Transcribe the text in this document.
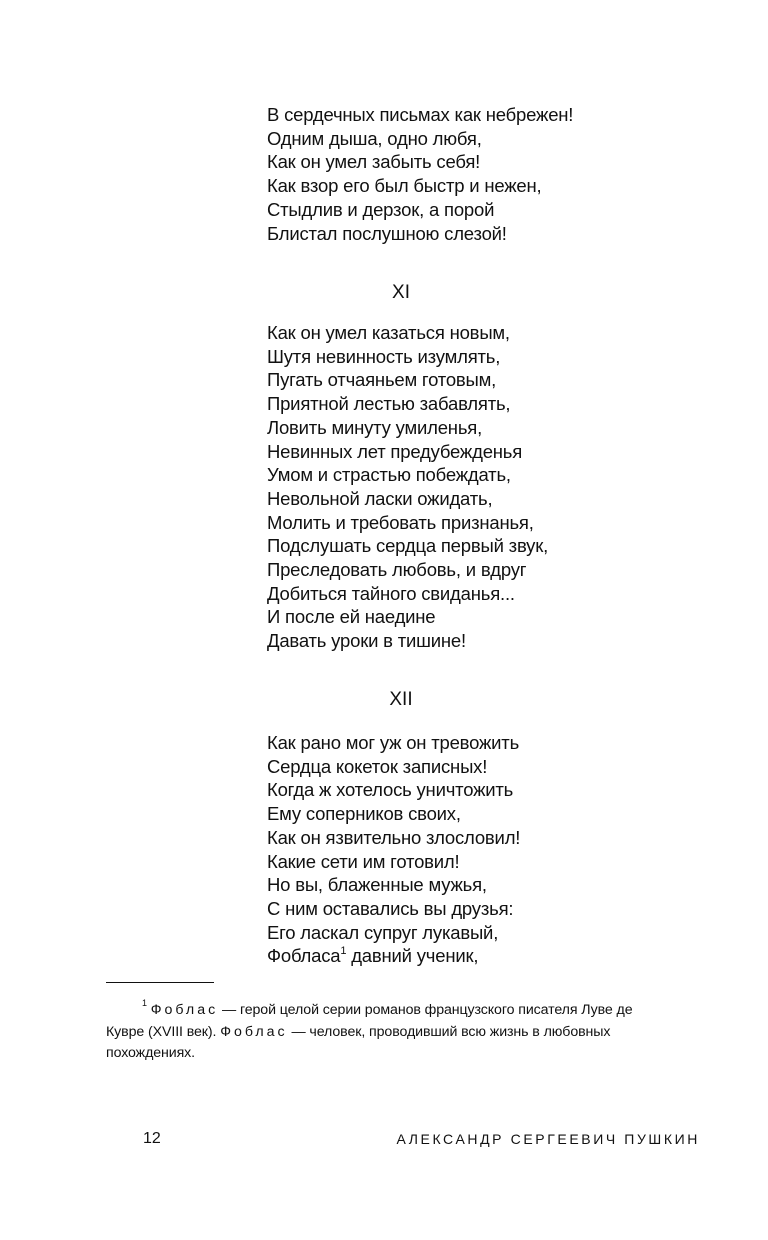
В сердечных письмах как небрежен!
Одним дыша, одно любя,
Как он умел забыть себя!
Как взор его был быстр и нежен,
Стыдлив и дерзок, а порой
Блистал послушною слезой!
XI
Как он умел казаться новым,
Шутя невинность изумлять,
Пугать отчаяньем готовым,
Приятной лестью забавлять,
Ловить минуту умиленья,
Невинных лет предубежденья
Умом и страстью побеждать,
Невольной ласки ожидать,
Молить и требовать признанья,
Подслушать сердца первый звук,
Преследовать любовь, и вдруг
Добиться тайного свиданья...
И после ей наедине
Давать уроки в тишине!
XII
Как рано мог уж он тревожить
Сердца кокеток записных!
Когда ж хотелось уничтожить
Ему соперников своих,
Как он язвительно злословил!
Какие сети им готовил!
Но вы, блаженные мужья,
С ним оставались вы друзья:
Его ласкал супруг лукавый,
Фобласа$^1$ давний ученик,
$^1$ Фоблас — герой целой серии романов французского писателя Луве де
Кувре (XVIII век). Фоблас — человек, проводивший всю жизнь в любовных
похождениях.
12	АЛЕКСАНДР СЕРГЕЕВИЧ ПУШКИН
